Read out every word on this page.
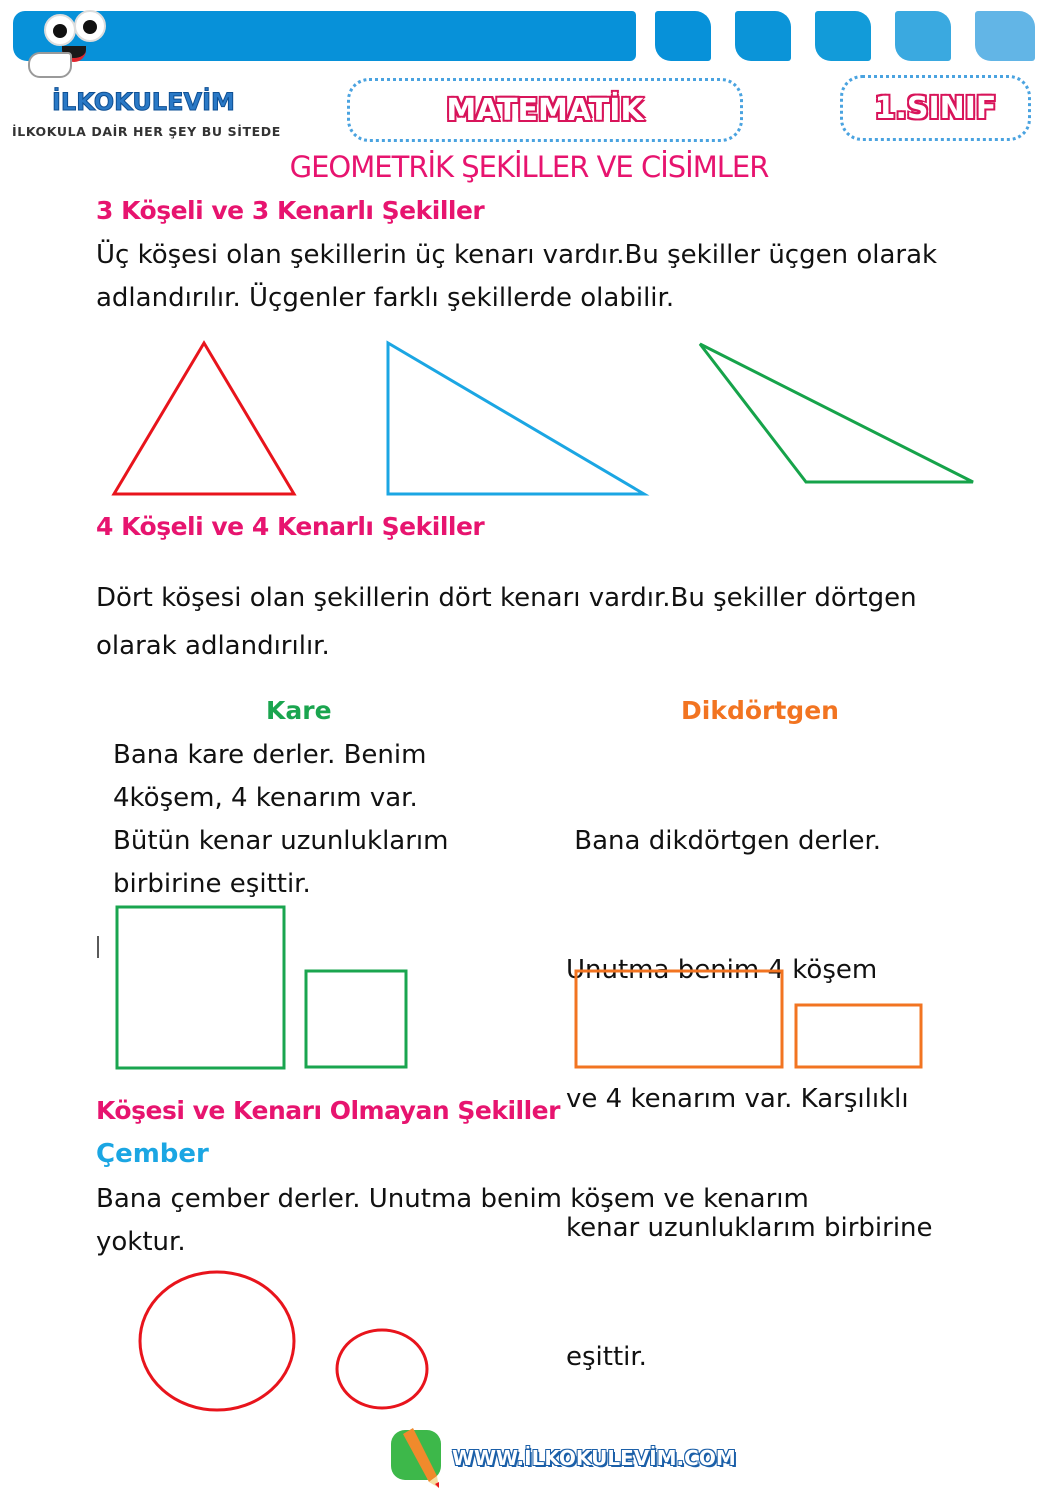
İLKOKULEVİM
İLKOKULA DAİR HER ŞEY BU SİTEDE
MATEMATİK	1.SINIF
GEOMETRİK ŞEKİLLER VE CİSİMLER
3 Köşeli ve 3 Kenarlı Şekiller
Üç köşesi olan şekillerin üç kenarı vardır.Bu şekiller üçgen olarak
adlandırılır. Üçgenler farklı şekillerde olabilir.
4 Köşeli ve 4 Kenarlı Şekiller
Dört köşesi olan şekillerin dört kenarı vardır.Bu şekiller dörtgen
olarak adlandırılır.
Kare
Bana kare derler. Benim
4köşem, 4 kenarım var.
Bütün kenar uzunluklarım
birbirine eşittir.
Dikdörtgen

Bana dikdörtgen derler.

Unutma benim 4 köşem

ve 4 kenarım var. Karşılıklı

kenar uzunluklarım birbirine

eşittir.

Köşesi ve Kenarı Olmayan Şekiller
Çember
Bana çember derler. Unutma benim köşem ve kenarım
yoktur.
WWW.İLKOKULEVİM.COM
